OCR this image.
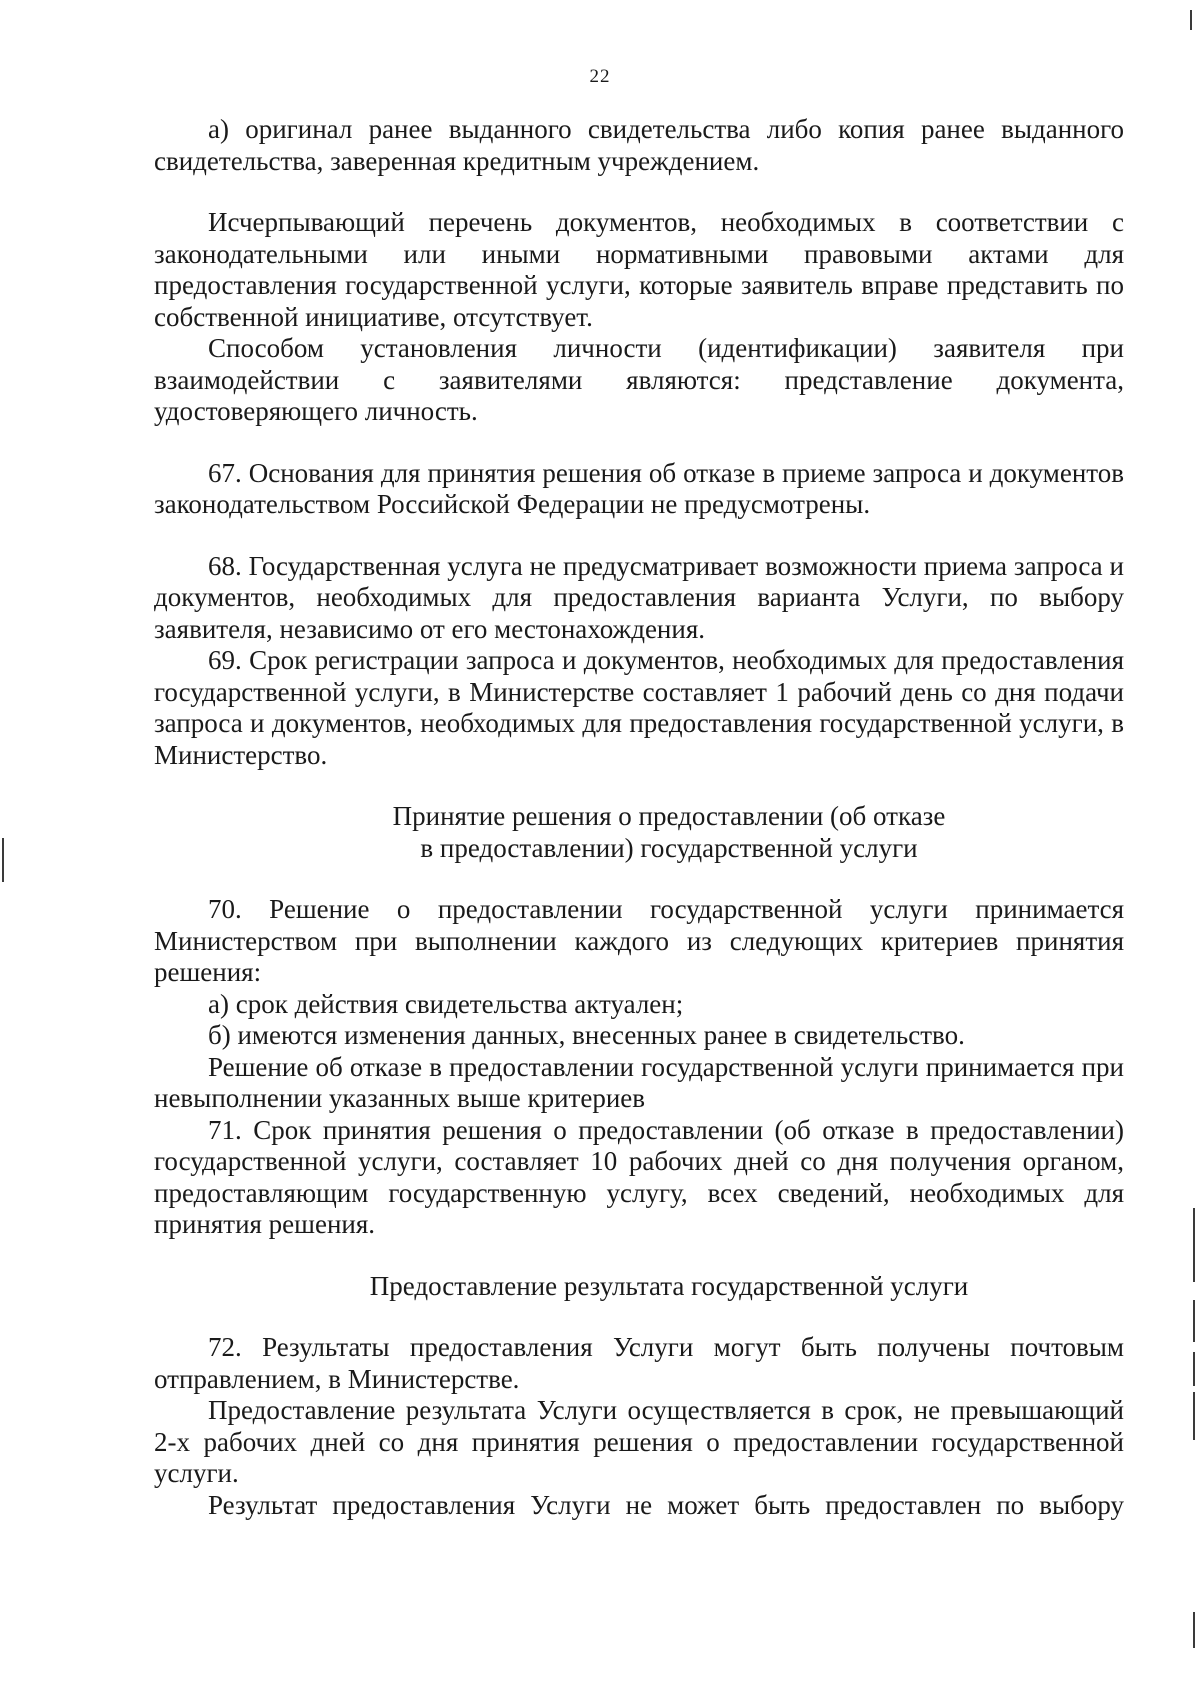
22

а) оригинал ранее выданного свидетельства либо копия ранее выданного свидетельства, заверенная кредитным учреждением.

Исчерпывающий перечень документов, необходимых в соответствии с законодательными или иными нормативными правовыми актами для предоставления государственной услуги, которые заявитель вправе представить по собственной инициативе, отсутствует.

Способом установления личности (идентификации) заявителя при взаимодействии с заявителями являются: представление документа, удостоверяющего личность.

67. Основания для принятия решения об отказе в приеме запроса и документов законодательством Российской Федерации не предусмотрены.

68. Государственная услуга не предусматривает возможности приема запроса и документов, необходимых для предоставления варианта Услуги, по выбору заявителя, независимо от его местонахождения.

69. Срок регистрации запроса и документов, необходимых для предоставления государственной услуги, в Министерстве составляет 1 рабочий день со дня подачи запроса и документов, необходимых для предоставления государственной услуги, в Министерство.

Принятие решения о предоставлении (об отказе
в предоставлении) государственной услуги

70. Решение о предоставлении государственной услуги принимается Министерством при выполнении каждого из следующих критериев принятия решения:

а) срок действия свидетельства актуален;

б) имеются изменения данных, внесенных ранее в свидетельство.

Решение об отказе в предоставлении государственной услуги принимается при невыполнении указанных выше критериев

71. Срок принятия решения о предоставлении (об отказе в предоставлении) государственной услуги, составляет 10 рабочих дней со дня получения органом, предоставляющим государственную услугу, всех сведений, необходимых для принятия решения.

Предоставление результата государственной услуги

72. Результаты предоставления Услуги могут быть получены почтовым отправлением, в Министерстве.

Предоставление результата Услуги осуществляется в срок, не превышающий 2-х рабочих дней со дня принятия решения о предоставлении государственной услуги.

Результат предоставления Услуги не может быть предоставлен по выбору
